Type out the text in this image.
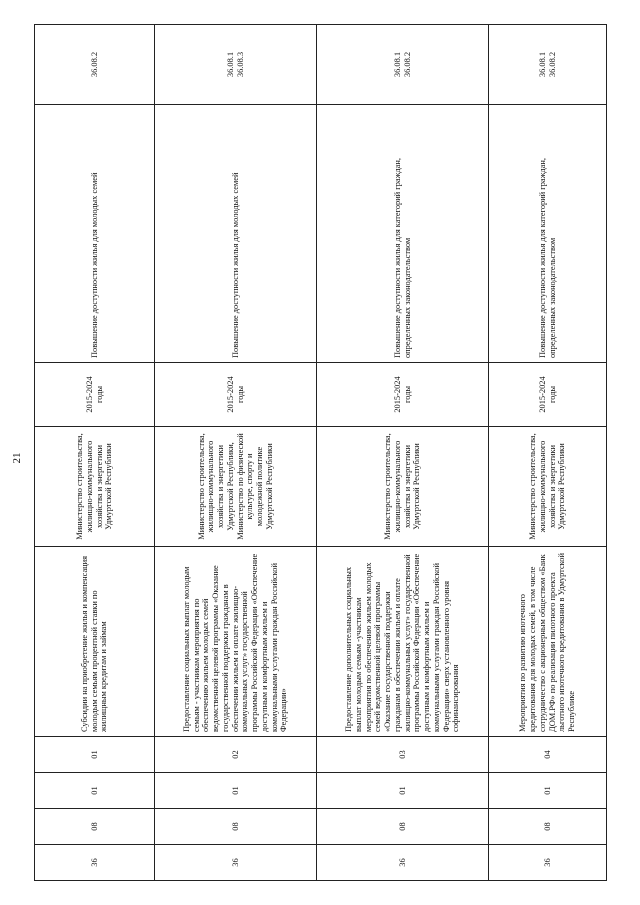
21
36	08	01	01	Субсидии на приобретение жилья и компенсация молодым семьям процентной ставки по жилищным кредитам и займам	Министерство строительства, жилищно-коммунального хозяйства и энергетики Удмуртской Республики	2015-2024 годы	Повышение доступности жилья для молодых семей	36.08.2

36	08	01	02	Предоставление социальных выплат молодым семьям - участникам мероприятия по обеспечению жильем молодых семей ведомственной целевой программы «Оказание государственной поддержки гражданам в обеспечении жильем и оплате жилищно-коммунальных услуг» государственной программы Российской Федерации «Обеспечение доступным и комфортным жильем и коммунальными услугами граждан Российской Федерации»	Министерство строительства, жилищно-коммунального хозяйства и энергетики Удмуртской Республики, Министерство по физической культуре, спорту и молодежной политике Удмуртской Республики	2015-2024 годы	Повышение доступности жилья для молодых семей	36.08.1 36.08.3

36	08	01	03	Предоставление дополнительных социальных выплат молодым семьям -участникам мероприятия по обеспечению жильем молодых семей ведомственной целевой программы «Оказание государственной поддержки гражданам в обеспечении жильем и оплате жилищно-коммунальных услуг» государственной программы Российской Федерации «Обеспечение доступным и комфортным жильем и коммунальными услугами граждан Российской Федерации» сверх установленного уровня софинансирования	Министерство строительства, жилищно-коммунального хозяйства и энергетики Удмуртской Республики	2015-2024 годы	Повышение доступности жилья для категорий граждан, определенных законодательством	36.08.1 36.08.2

36	08	01	04	Мероприятия по развитию ипотечного кредитования для молодых семей, в том числе сотрудничество с акционерным обществом «Банк ДОМ.РФ» по реализации пилотного проекта льготного ипотечного кредитования в Удмуртской Республике	Министерство строительства, жилищно-коммунального хозяйства и энергетики Удмуртской Республики	2015-2024 годы	Повышение доступности жилья для категорий граждан, определенных законодательством	36.08.1 36.08.2
